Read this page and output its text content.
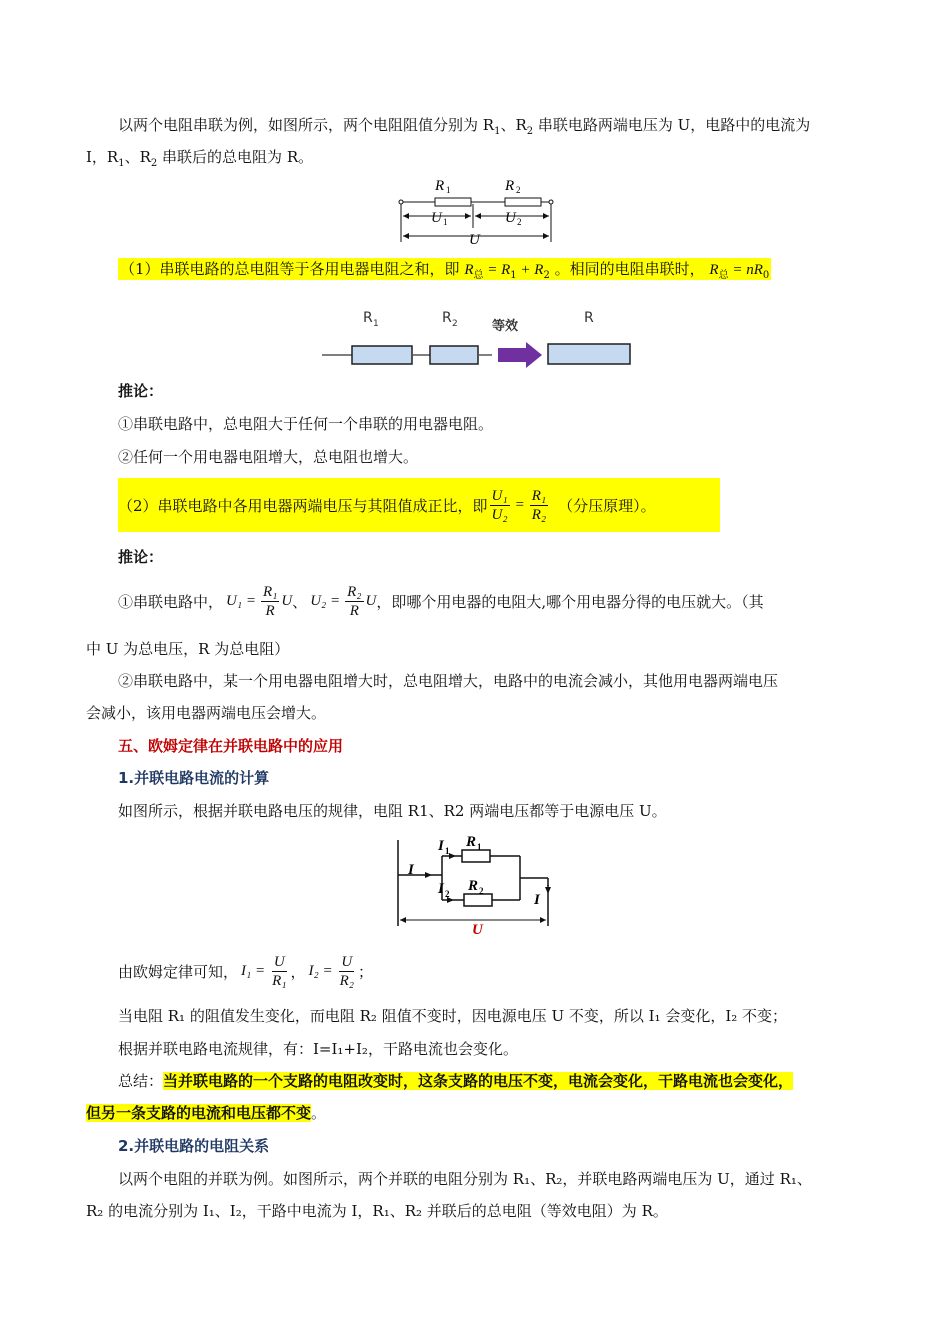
以两个电阻串联为例，如图所示，两个电阻阻值分别为 $R_1$、$R_2$ 串联电路两端电压为 U，电路中的电流为
I，$R_1$、$R_2$ 串联后的总电阻为 R。
R 1	R 2
U 1	U 2
U
（1）串联电路的总电阻等于各用电器电阻之和，即 $R_总 = R_1 + R_2$ 。相同的电阻串联时， $R_总 = nR_0$
R 1	R 2	等效
R
推论：
①串联电路中，总电阻大于任何一个串联的用电器电阻。
②任何一个用电器电阻增大，总电阻也增大。
（2）串联电路中各用电器两端电压与其阻值成正比，即 $\frac{\text{U₁}}{\text{U₂}} = \frac{\text{R₁}}{\text{R₂}}$ （分压原理）。
推论：
①串联电路中， $U_1 = \frac{\text{R₁}}{R}$ U 、 $U_2 = \frac{\text{R₂}}{R}$ U ，即哪个用电器的电阻大,哪个用电器分得的电压就大。（其
中 U 为总电压，R 为总电阻）
②串联电路中，某一个用电器电阻增大时，总电阻增大，电路中的电流会减小，其他用电器两端电压
会减小，该用电器两端电压会增大。
五、欧姆定律在并联电路中的应用
1.并联电路电流的计算
如图所示，根据并联电路电压的规律，电阻 R1、R2 两端电压都等于电源电压 U。
I
I 1
R 1
I 2 R 2
I
U
由欧姆定律可知， $I_1 = \frac{U}{\text{R₁}}$ ， $I_2 = \frac{U}{\text{R₂}}$ ；
当电阻 R₁ 的阻值发生变化，而电阻 R₂ 阻值不变时，因电源电压 U 不变，所以 I₁ 会变化，I₂ 不变；
根据并联电路电流规律，有：I=I₁+I₂，干路电流也会变化。
总结：当并联电路的一个支路的电阻改变时，这条支路的电压不变，电流会变化，干路电流也会变化，
但另一条支路的电流和电压都不变。
2.并联电路的电阻关系
以两个电阻的并联为例。如图所示，两个并联的电阻分别为 R₁、R₂，并联电路两端电压为 U，通过 R₁、
R₂ 的电流分别为 I₁、I₂，干路中电流为 I，R₁、R₂ 并联后的总电阻（等效电阻）为 R。
